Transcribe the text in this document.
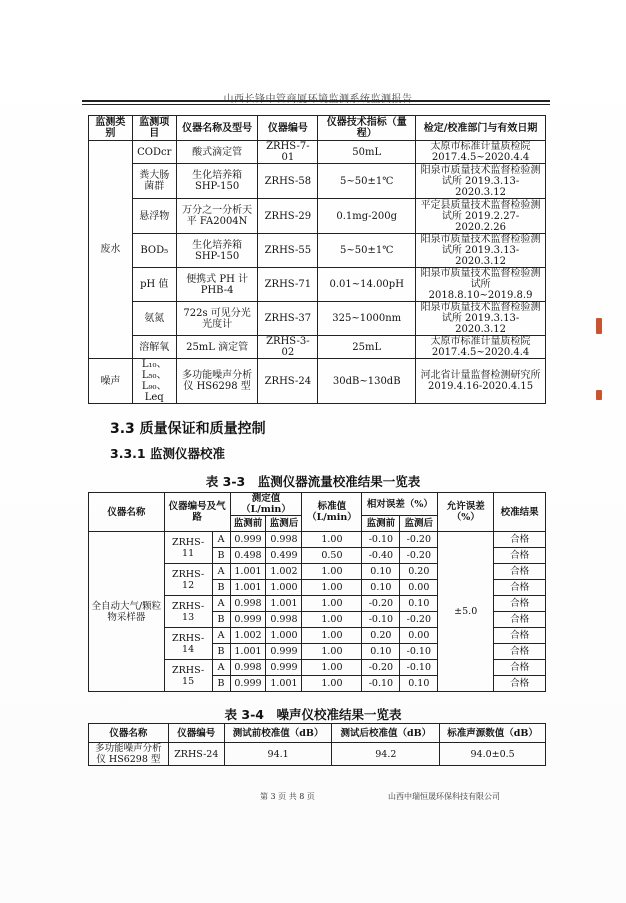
监测类别	监测项目	仪器名称及型号	仪器编号	仪器技术指标（量程）	检定/校准部门与有效日期
废水	CODcr	酸式滴定管	ZRHS-7-01	50mL	太原市标准计量质检院 2017.4.5~2020.4.4
	粪大肠菌群	生化培养箱 SHP-150	ZRHS-58	5~50±1℃	阳泉市质量技术监督检验测试所 2019.3.13-2020.3.12
	悬浮物	万分之一分析天平 FA2004N	ZRHS-29	0.1mg-200g	平定县质量技术监督检验测试所 2019.2.27-2020.2.26
	BOD₅	生化培养箱 SHP-150	ZRHS-55	5~50±1℃	阳泉市质量技术监督检验测试所 2019.3.13-2020.3.12
	pH 值	便携式 PH 计 PHB-4	ZRHS-71	0.01~14.00pH	阳泉市质量技术监督检验测试所 2018.8.10~2019.8.9
	氨氮	722s 可见分光光度计	ZRHS-37	325~1000nm	阳泉市质量技术监督检验测试所 2019.3.13-2020.3.12
	溶解氧	25mL 滴定管	ZRHS-3-02	25mL	太原市标准计量质检院 2017.4.5~2020.4.4
噪声	L₁₀、L₅₀、L₉₀、Leq	多功能噪声分析仪 HS6298 型	ZRHS-24	30dB~130dB	河北省计量监督检测研究所 2019.4.16-2020.4.15
3.3 质量保证和质量控制
3.3.1 监测仪器校准
表 3-3　监测仪器流量校准结果一览表
仪器名称	仪器编号及气路		测定值（L/min）		标准值（L/min）	相对误差（%）		允许误差（%）	校准结果
			监测前	监测后		监测前	监测后		
全自动大气/颗粒物采样器	ZRHS-11	A	0.999	0.998	1.00	-0.10	-0.20	±5.0	合格
		B	0.498	0.499	0.50	-0.40	-0.20		合格
	ZRHS-12	A	1.001	1.002	1.00	0.10	0.20		合格
		B	1.001	1.000	1.00	0.10	0.00		合格
	ZRHS-13	A	0.998	1.001	1.00	-0.20	0.10		合格
		B	0.999	0.998	1.00	-0.10	-0.20		合格
	ZRHS-14	A	1.002	1.000	1.00	0.20	0.00		合格
		B	1.001	0.999	1.00	0.10	-0.10		合格
	ZRHS-15	A	0.998	0.999	1.00	-0.20	-0.10		合格
		B	0.999	1.001	1.00	-0.10	0.10		合格
表 3-4　噪声仪校准结果一览表
仪器名称	仪器编号	测试前校准值（dB）	测试后校准值（dB）	标准声源数值（dB）
多功能噪声分析仪 HS6298 型	ZRHS-24	94.1	94.2	94.0±0.5
第 3 页 共 8 页	山西中瑞恒晟环保科技有限公司
